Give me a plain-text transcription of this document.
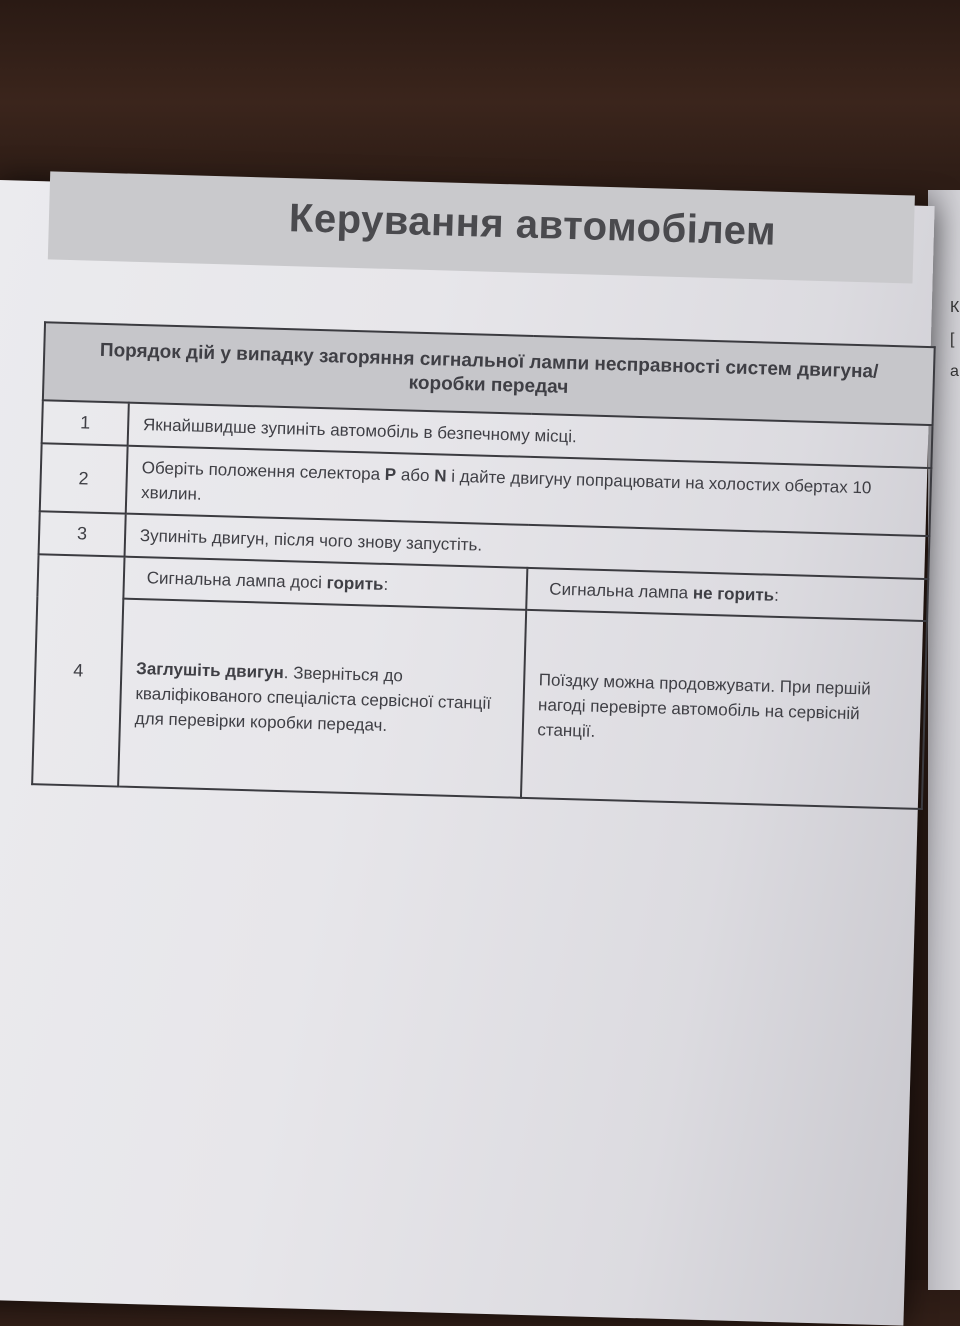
К
[
а
Керування автомобілем
Порядок дій у випадку загоряння сигнальної лампи несправності систем двигуна/коробки передач		
1	Якнайшвидше зупиніть автомобіль в безпечному місці.	
2	Оберіть положення селектора P або N і дайте двигуну попрацювати на холостих обертах 10 хвилин.	
3	Зупиніть двигун, після чого знову запустіть.	
4	Сигнальна лампа досі горить:	Сигнальна лампа не горить:
	Заглушіть двигун. Зверніться до кваліфікованого спеціаліста сервісної станції для перевірки коробки передач.	Поїздку можна продовжувати. При першій нагоді перевірте автомобіль на сервісній станції.
